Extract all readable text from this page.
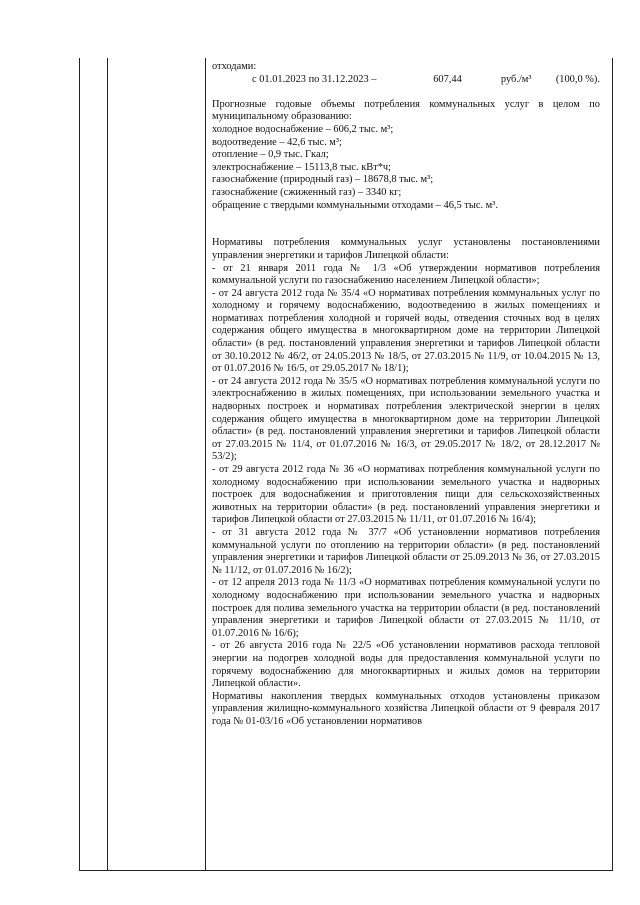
отходами:

с 01.01.2023 по 31.12.2023 –	607,44	руб./м³	(100,0 %).

Прогнозные годовые объемы потребления коммунальных услуг в целом по муниципальному образованию:

холодное водоснабжение – 606,2 тыс. м³;

водоотведение – 42,6 тыс. м³;

отопление – 0,9 тыс. Гкал;

электроснабжение – 15113,8 тыс. кВт*ч;

газоснабжение (природный газ) – 18678,8 тыс. м³;

газоснабжение (сжиженный газ) – 3340 кг;

обращение с твердыми коммунальными отходами – 46,5 тыс. м³.

Нормативы потребления коммунальных услуг установлены постановлениями управления энергетики и тарифов Липецкой области:

- от 21 января 2011 года № 1/3 «Об утверждении нормативов потребления коммунальной услуги по газоснабжению населением Липецкой области»;

- от 24 августа 2012 года № 35/4 «О нормативах потребления коммунальных услуг по холодному и горячему водоснабжению, водоотведению в жилых помещениях и нормативах потребления холодной и горячей воды, отведения сточных вод в целях содержания общего имущества в многоквартирном доме на территории Липецкой области» (в ред. постановлений управления энергетики и тарифов Липецкой области от 30.10.2012 № 46/2, от 24.05.2013 № 18/5, от 27.03.2015 № 11/9, от 10.04.2015 № 13, от 01.07.2016 № 16/5, от 29.05.2017 № 18/1);

- от 24 августа 2012 года № 35/5 «О нормативах потребления коммунальной услуги по электроснабжению в жилых помещениях, при использовании земельного участка и надворных построек и нормативах потребления электрической энергии в целях содержания общего имущества в многоквартирном доме на территории Липецкой области» (в ред. постановлений управления энергетики и тарифов Липецкой области от 27.03.2015 № 11/4, от 01.07.2016 № 16/3, от 29.05.2017 № 18/2, от 28.12.2017 № 53/2);

- от 29 августа 2012 года № 36 «О нормативах потребления коммунальной услуги по холодному водоснабжению при использовании земельного участка и надворных построек для водоснабжения и приготовления пищи для сельскохозяйственных животных на территории области» (в ред. постановлений управления энергетики и тарифов Липецкой области от 27.03.2015 № 11/11, от 01.07.2016 № 16/4);

- от 31 августа 2012 года № 37/7 «Об установлении нормативов потребления коммунальной услуги по отоплению на территории области» (в ред. постановлений управления энергетики и тарифов Липецкой области от 25.09.2013 № 36, от 27.03.2015 № 11/12, от 01.07.2016 № 16/2);

- от 12 апреля 2013 года № 11/3 «О нормативах потребления коммунальной услуги по холодному водоснабжению при использовании земельного участка и надворных построек для полива земельного участка на территории области (в ред. постановлений управления энергетики и тарифов Липецкой области от 27.03.2015 № 11/10, от 01.07.2016 № 16/6);

- от 26 августа 2016 года № 22/5 «Об установлении нормативов расхода тепловой энергии на подогрев холодной воды для предоставления коммунальной услуги по горячему водоснабжению для многоквартирных и жилых домов на территории Липецкой области».

Нормативы накопления твердых коммунальных отходов установлены приказом управления жилищно-коммунального хозяйства Липецкой области от 9 февраля 2017 года № 01-03/16 «Об установлении нормативов
